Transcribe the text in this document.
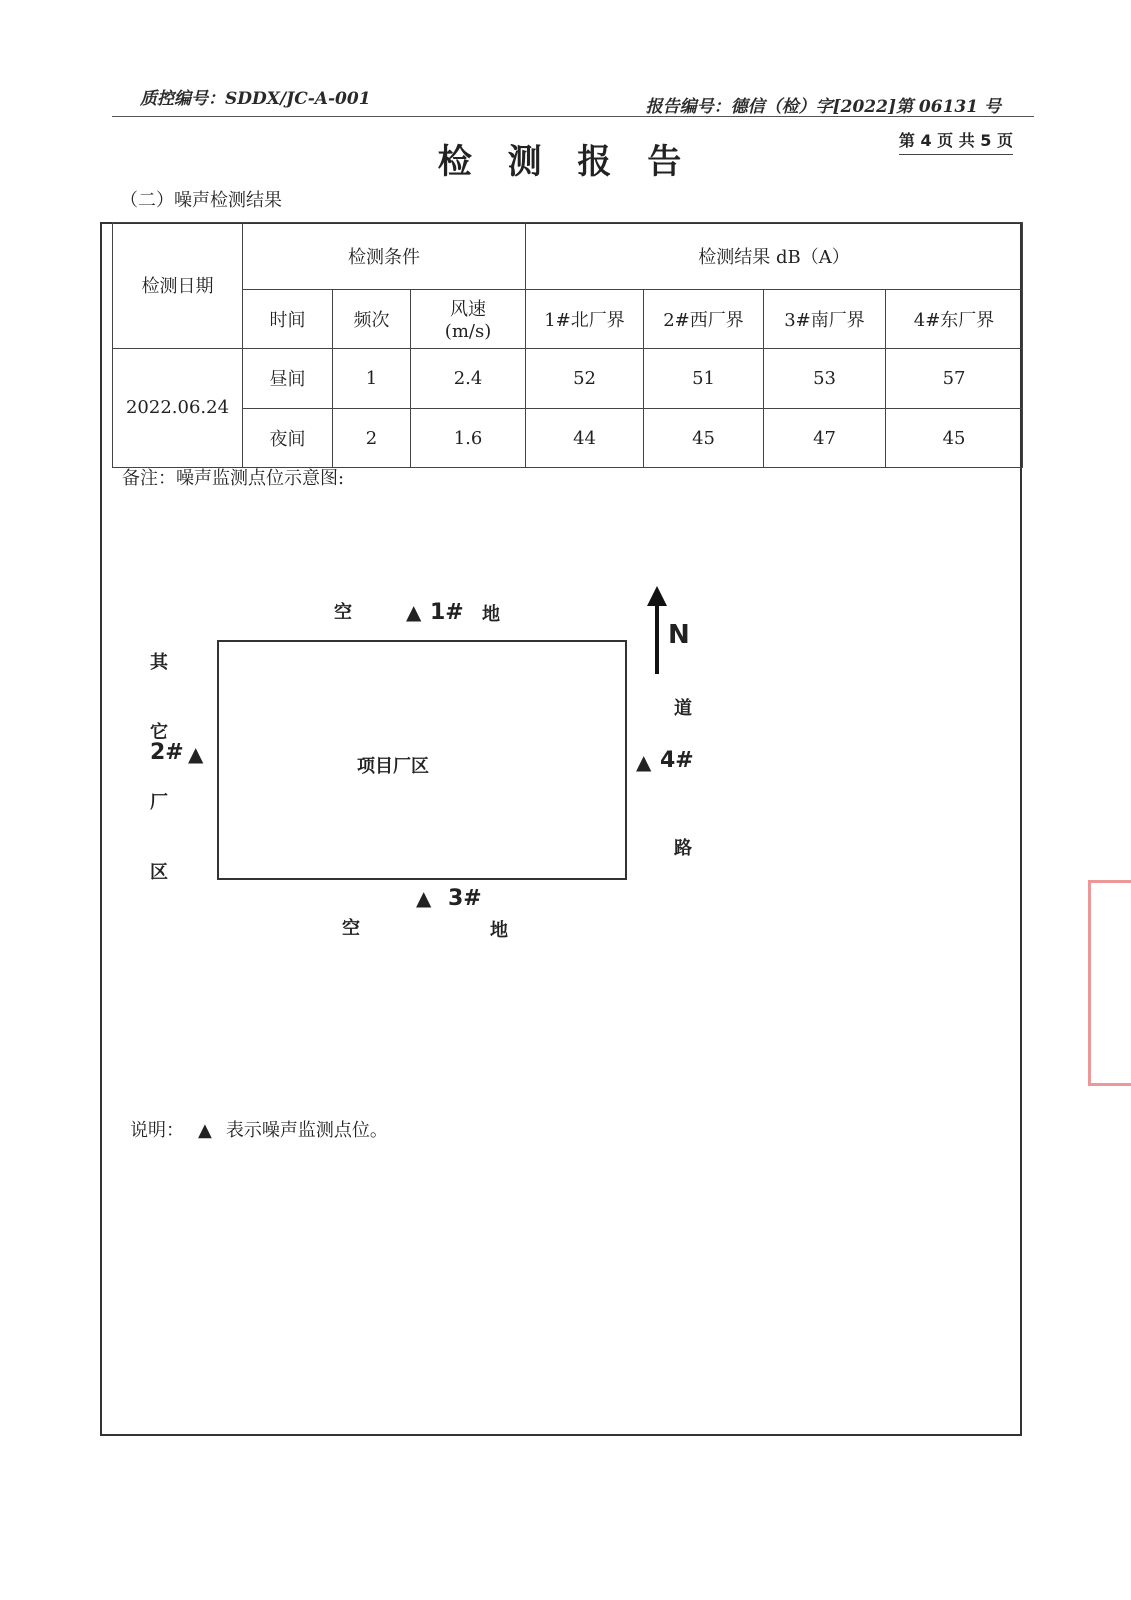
质控编号：SDDX/JC-A-001	报告编号：德信（检）字[2022]第 06131 号
检 测 报 告
第 4 页 共 5 页
（二）噪声检测结果
检测日期	检测条件			检测结果 dB（A）			
	时间	频次	风速
(m/s)	1#北厂界	2#西厂界	3#南厂界	4#东厂界
2022.06.24	昼间	1	2.4	52	51	53	57
	夜间	2	1.6	44	45	47	45
备注：噪声监测点位示意图:
空	▲ 1# 地
N
其
它
2# ▲
厂
区
项目厂区
道
▲ 4#
路
▲ 3#
空	地
说明： ▲ 表示噪声监测点位。
